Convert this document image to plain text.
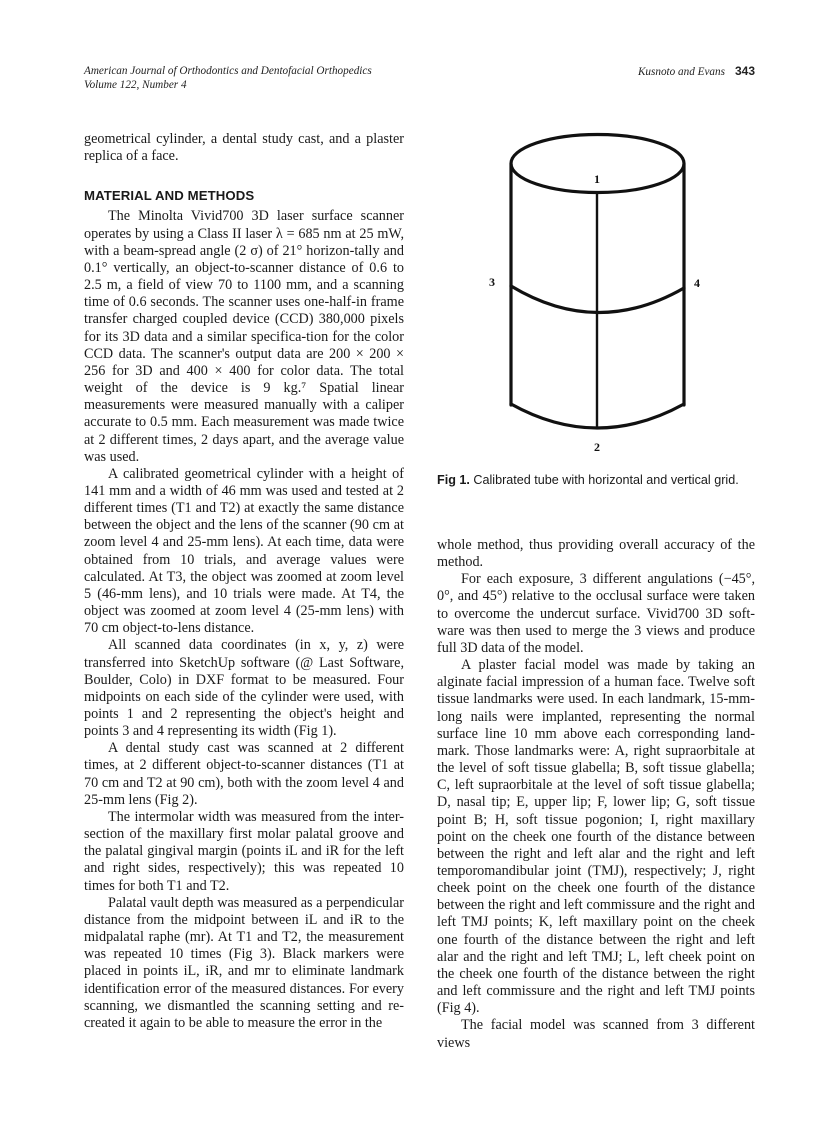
American Journal of Orthodontics and Dentofacial Orthopedics
Volume 122, Number 4
Kusnoto and Evans 343

geometrical cylinder, a dental study cast, and a plaster replica of a face.

MATERIAL AND METHODS

The Minolta Vivid700 3D laser surface scanner operates by using a Class II laser λ = 685 nm at 25 mW, with a beam-spread angle (2 σ) of 21° horizon-tally and 0.1° vertically, an object-to-scanner distance of 0.6 to 2.5 m, a field of view 70 to 1100 mm, and a scanning time of 0.6 seconds. The scanner uses one-half-in frame transfer charged coupled device (CCD) 380,000 pixels for its 3D data and a similar specifica-tion for the color CCD data. The scanner's output data are 200 × 200 × 256 for 3D and 400 × 400 for color data. The total weight of the device is 9 kg.⁷ Spatial linear measurements were measured manually with a caliper accurate to 0.5 mm. Each measurement was made twice at 2 different times, 2 days apart, and the average value was used.

A calibrated geometrical cylinder with a height of 141 mm and a width of 46 mm was used and tested at 2 different times (T1 and T2) at exactly the same distance between the object and the lens of the scanner (90 cm at zoom level 4 and 25-mm lens). At each time, data were obtained from 10 trials, and average values were calculated. At T3, the object was zoomed at zoom level 5 (46-mm lens), and 10 trials were made. At T4, the object was zoomed at zoom level 4 (25-mm lens) with 70 cm object-to-lens distance.

All scanned data coordinates (in x, y, z) were transferred into SketchUp software (@ Last Software, Boulder, Colo) in DXF format to be measured. Four midpoints on each side of the cylinder were used, with points 1 and 2 representing the object's height and points 3 and 4 representing its width (Fig 1).

A dental study cast was scanned at 2 different times, at 2 different object-to-scanner distances (T1 at 70 cm and T2 at 90 cm), both with the zoom level 4 and 25-mm lens (Fig 2).

The intermolar width was measured from the inter-section of the maxillary first molar palatal groove and the palatal gingival margin (points iL and iR for the left and right sides, respectively); this was repeated 10 times for both T1 and T2.

Palatal vault depth was measured as a perpendicular distance from the midpoint between iL and iR to the midpalatal raphe (mr). At T1 and T2, the measurement was repeated 10 times (Fig 3). Black markers were placed in points iL, iR, and mr to eliminate landmark identification error of the measured distances. For every scanning, we dismantled the scanning setting and re-created it again to be able to measure the error in the

1
3	4
2
Fig 1. Calibrated tube with horizontal and vertical grid.

whole method, thus providing overall accuracy of the method.

For each exposure, 3 different angulations (−45°, 0°, and 45°) relative to the occlusal surface were taken to overcome the undercut surface. Vivid700 3D soft-ware was then used to merge the 3 views and produce full 3D data of the model.

A plaster facial model was made by taking an alginate facial impression of a human face. Twelve soft tissue landmarks were used. In each landmark, 15-mm-long nails were implanted, representing the normal surface line 10 mm above each corresponding land-mark. Those landmarks were: A, right supraorbitale at the level of soft tissue glabella; B, soft tissue glabella; C, left supraorbitale at the level of soft tissue glabella; D, nasal tip; E, upper lip; F, lower lip; G, soft tissue point B; H, soft tissue pogonion; I, right maxillary point on the cheek one fourth of the distance between between the right and left alar and the right and left temporomandibular joint (TMJ), respectively; J, right cheek point on the cheek one fourth of the distance between the right and left commissure and the right and left TMJ points; K, left maxillary point on the cheek one fourth of the distance between the right and left alar and the right and left TMJ; L, left cheek point on the cheek one fourth of the distance between the right and left commissure and the right and left TMJ points (Fig 4).

The facial model was scanned from 3 different views
